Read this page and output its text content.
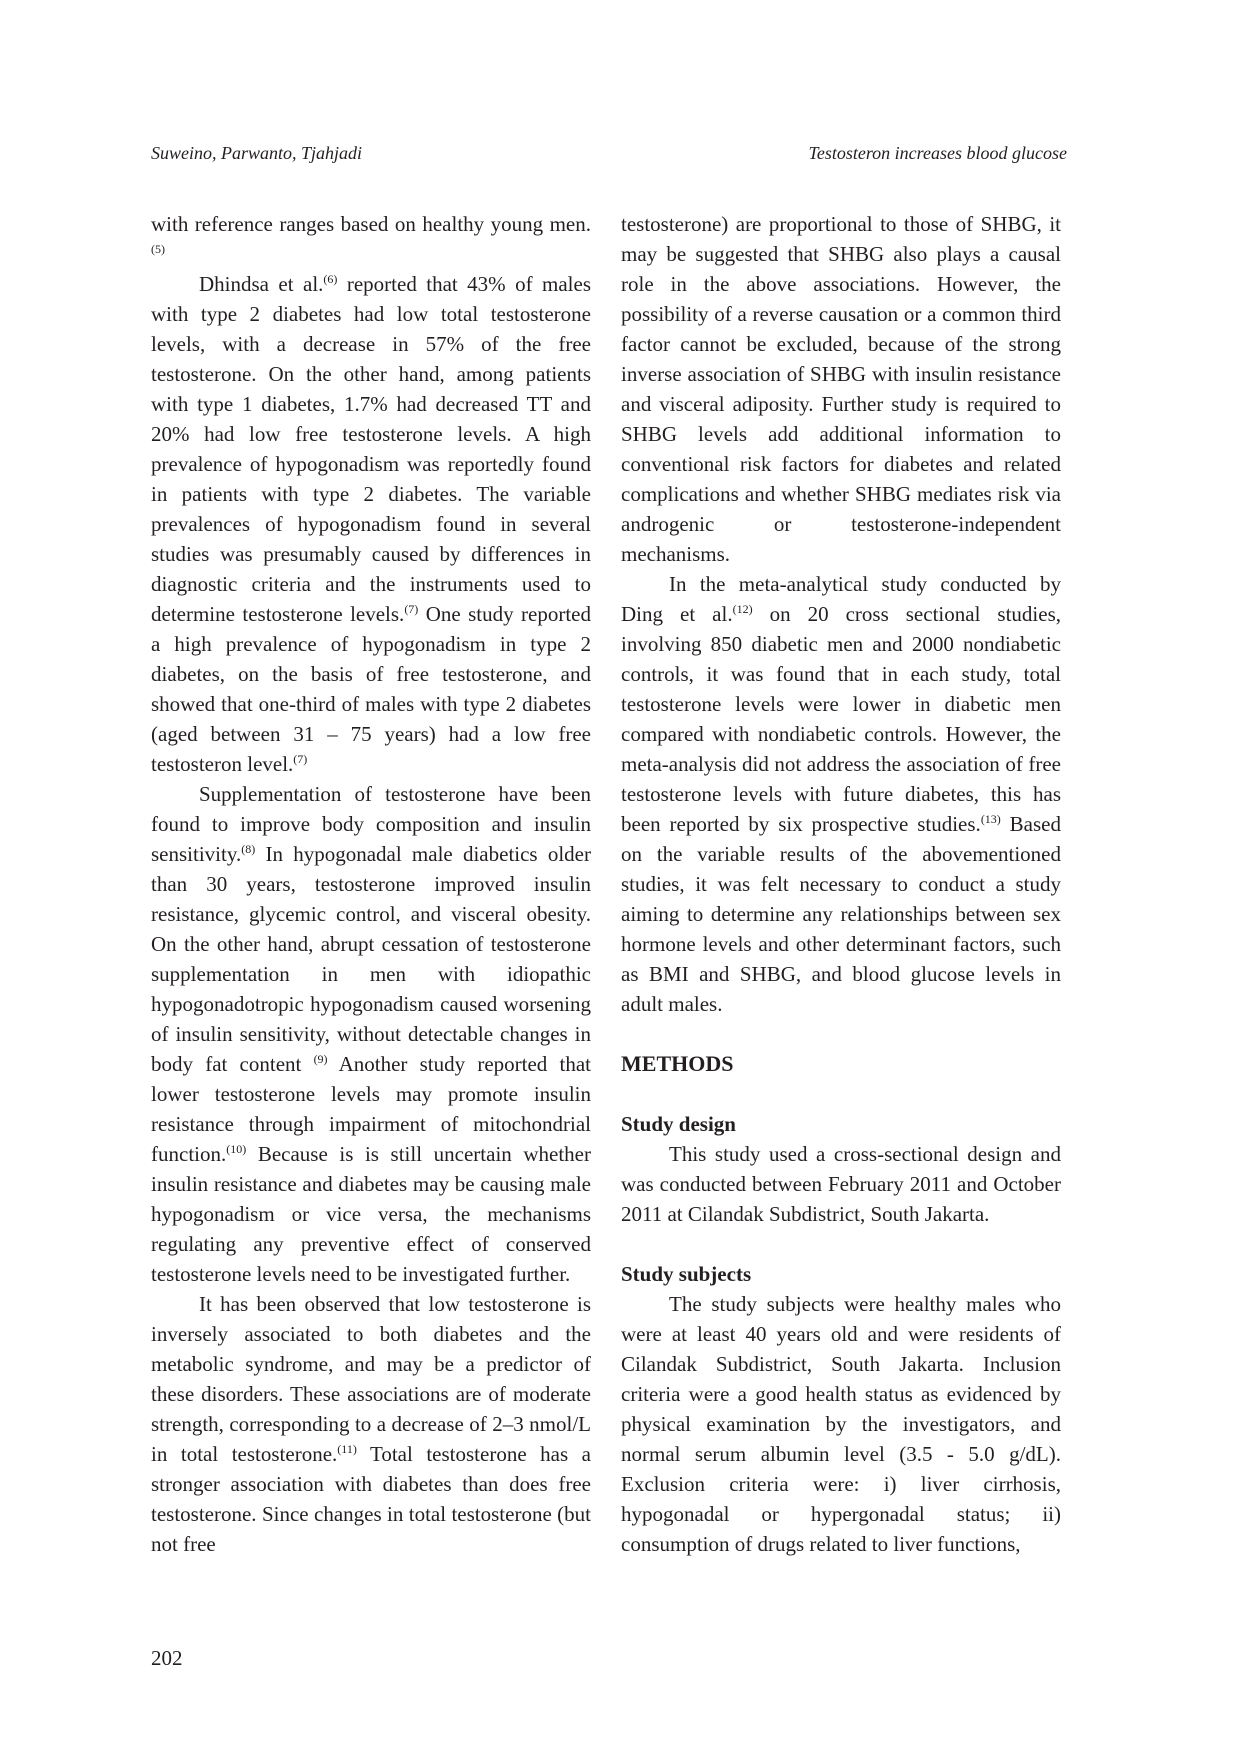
Suweino, Parwanto, Tjahjadi	Testosteron increases blood glucose

with reference ranges based on healthy young men.$^{(5)}$

Dhindsa et al.$^{(6)}$ reported that 43% of males with type 2 diabetes had low total testosterone levels, with a decrease in 57% of the free testosterone. On the other hand, among patients with type 1 diabetes, 1.7% had decreased TT and 20% had low free testosterone levels. A high prevalence of hypogonadism was reportedly found in patients with type 2 diabetes. The variable prevalences of hypogonadism found in several studies was presumably caused by differences in diagnostic criteria and the instruments used to determine testosterone levels.$^{(7)}$ One study reported a high prevalence of hypogonadism in type 2 diabetes, on the basis of free testosterone, and showed that one-third of males with type 2 diabetes (aged between 31 – 75 years) had a low free testosteron level.$^{(7)}$

Supplementation of testosterone have been found to improve body composition and insulin sensitivity.$^{(8)}$ In hypogonadal male diabetics older than 30 years, testosterone improved insulin resistance, glycemic control, and visceral obesity. On the other hand, abrupt cessation of testosterone supplementation in men with idiopathic hypogonadotropic hypogonadism caused worsening of insulin sensitivity, without detectable changes in body fat content $^{(9)}$ Another study reported that lower testosterone levels may promote insulin resistance through impairment of mitochondrial function.$^{(10)}$ Because is is still uncertain whether insulin resistance and diabetes may be causing male hypogonadism or vice versa, the mechanisms regulating any preventive effect of conserved testosterone levels need to be investigated further.

It has been observed that low testosterone is inversely associated to both diabetes and the metabolic syndrome, and may be a predictor of these disorders. These associations are of moderate strength, corresponding to a decrease of 2–3 nmol/L in total testosterone.$^{(11)}$ Total testosterone has a stronger association with diabetes than does free testosterone. Since changes in total testosterone (but not free

testosterone) are proportional to those of SHBG, it may be suggested that SHBG also plays a causal role in the above associations. However, the possibility of a reverse causation or a common third factor cannot be excluded, because of the strong inverse association of SHBG with insulin resistance and visceral adiposity. Further study is required to SHBG levels add additional information to conventional risk factors for diabetes and related complications and whether SHBG mediates risk via androgenic or testosterone-independent mechanisms.

In the meta-analytical study conducted by Ding et al.$^{(12)}$ on 20 cross sectional studies, involving 850 diabetic men and 2000 nondiabetic controls, it was found that in each study, total testosterone levels were lower in diabetic men compared with nondiabetic controls. However, the meta-analysis did not address the association of free testosterone levels with future diabetes, this has been reported by six prospective studies.$^{(13)}$ Based on the variable results of the abovementioned studies, it was felt necessary to conduct a study aiming to determine any relationships between sex hormone levels and other determinant factors, such as BMI and SHBG, and blood glucose levels in adult males.

METHODS
Study design

This study used a cross-sectional design and was conducted between February 2011 and October 2011 at Cilandak Subdistrict, South Jakarta.

Study subjects

The study subjects were healthy males who were at least 40 years old and were residents of Cilandak Subdistrict, South Jakarta. Inclusion criteria were a good health status as evidenced by physical examination by the investigators, and normal serum albumin level (3.5 - 5.0 g/dL). Exclusion criteria were: i) liver cirrhosis, hypogonadal or hypergonadal status; ii) consumption of drugs related to liver functions,

202
